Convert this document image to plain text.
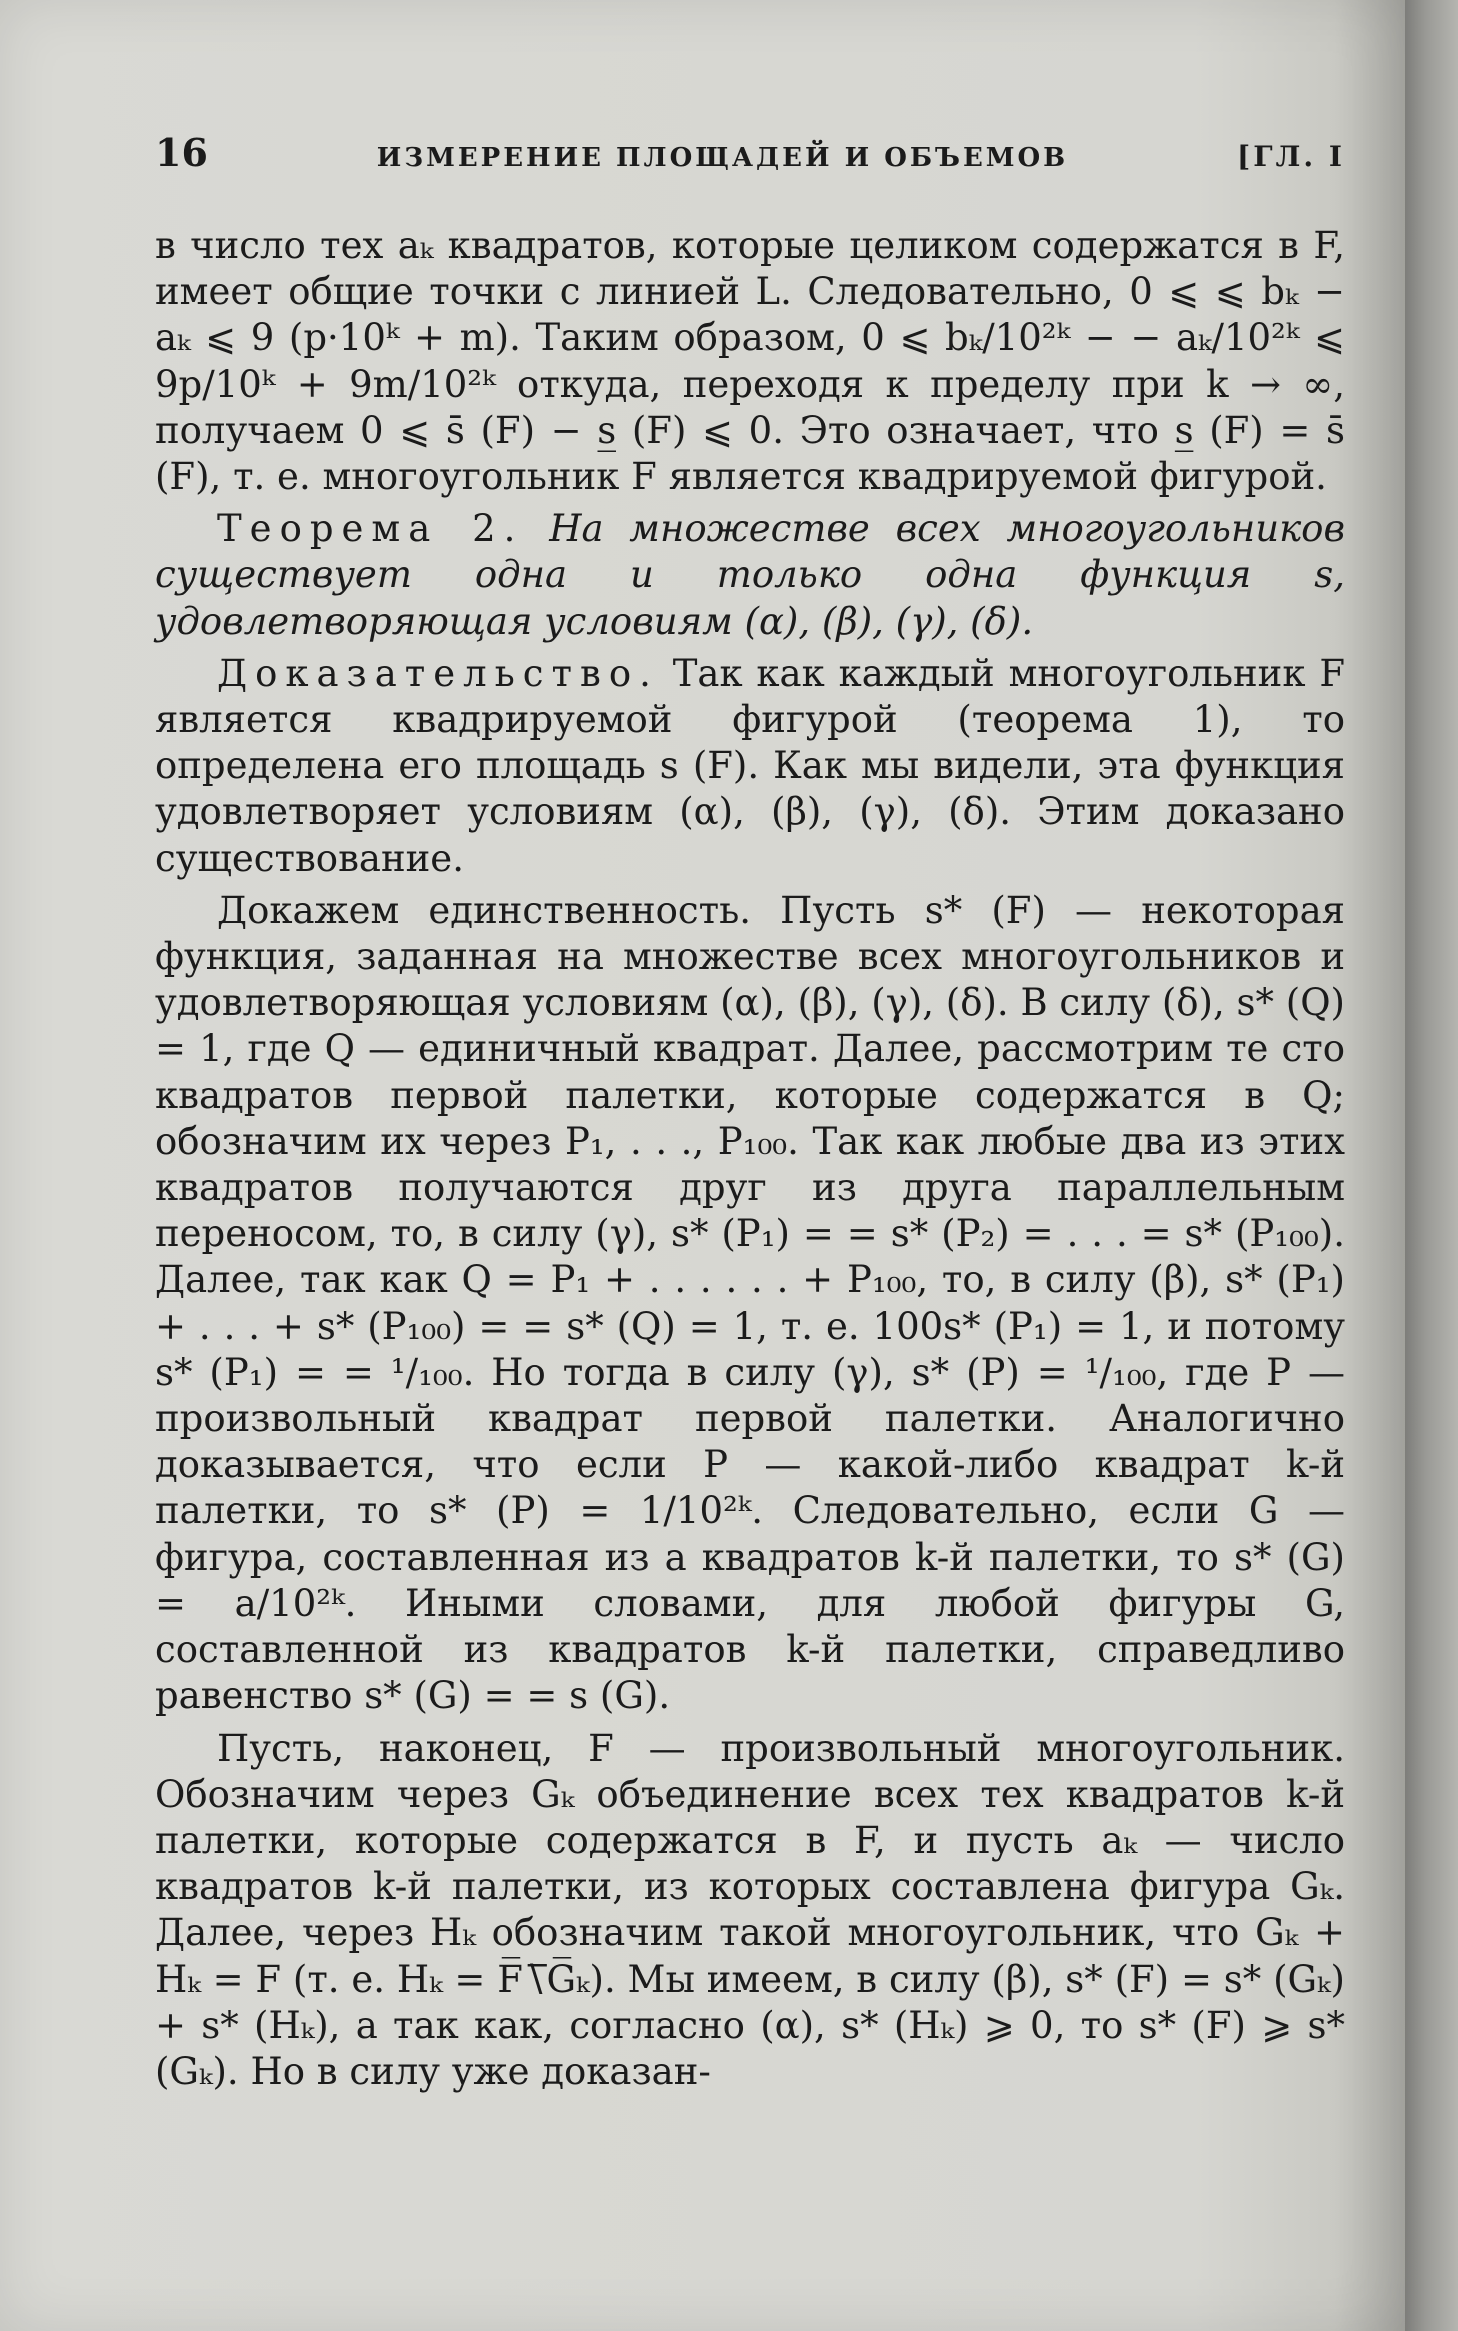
16	ИЗМЕРЕНИЕ ПЛОЩАДЕЙ И ОБЪЕМОВ	[ГЛ. I

в число тех aₖ квадратов, которые целиком содержатся в F, имеет общие точки с линией L. Следовательно, 0 ⩽ ⩽ bₖ − aₖ ⩽ 9 (p·10ᵏ + m). Таким образом, 0 ⩽ bₖ/10²ᵏ − − aₖ/10²ᵏ ⩽ 9p/10ᵏ + 9m/10²ᵏ откуда, переходя к пределу при k → ∞, получаем 0 ⩽ s̄ (F) − s̲ (F) ⩽ 0. Это означает, что s̲ (F) = s̄ (F), т. е. многоугольник F является квадрируемой фигурой.

Теорема 2. На множестве всех многоугольников существует одна и только одна функция s, удовлетворяющая условиям (α), (β), (γ), (δ).

Доказательство. Так как каждый многоугольник F является квадрируемой фигурой (теорема 1), то определена его площадь s (F). Как мы видели, эта функция удовлетворяет условиям (α), (β), (γ), (δ). Этим доказано существование.

Докажем единственность. Пусть s* (F) — некоторая функция, заданная на множестве всех многоугольников и удовлетворяющая условиям (α), (β), (γ), (δ). В силу (δ), s* (Q) = 1, где Q — единичный квадрат. Далее, рассмотрим те сто квадратов первой палетки, которые содержатся в Q; обозначим их через P₁, . . ., P₁₀₀. Так как любые два из этих квадратов получаются друг из друга параллельным переносом, то, в силу (γ), s* (P₁) = = s* (P₂) = . . . = s* (P₁₀₀). Далее, так как Q = P₁ + . . . . . . + P₁₀₀, то, в силу (β), s* (P₁) + . . . + s* (P₁₀₀) = = s* (Q) = 1, т. е. 100s* (P₁) = 1, и потому s* (P₁) = = ¹/₁₀₀. Но тогда в силу (γ), s* (P) = ¹/₁₀₀, где P — произвольный квадрат первой палетки. Аналогично доказывается, что если P — какой-либо квадрат k-й палетки, то s* (P) = 1/10²ᵏ. Следовательно, если G — фигура, составленная из a квадратов k-й палетки, то s* (G) = a/10²ᵏ. Иными словами, для любой фигуры G, составленной из квадратов k-й палетки, справедливо равенство s* (G) = = s (G).

Пусть, наконец, F — произвольный многоугольник. Обозначим через Gₖ объединение всех тех квадратов k-й палетки, которые содержатся в F, и пусть aₖ — число квадратов k-й палетки, из которых составлена фигура Gₖ. Далее, через Hₖ обозначим такой многоугольник, что Gₖ + Hₖ = F (т. е. Hₖ = F̅∖̅G̅ₖ). Мы имеем, в силу (β), s* (F) = s* (Gₖ) + s* (Hₖ), а так как, согласно (α), s* (Hₖ) ⩾ 0, то s* (F) ⩾ s* (Gₖ). Но в силу уже доказан-
